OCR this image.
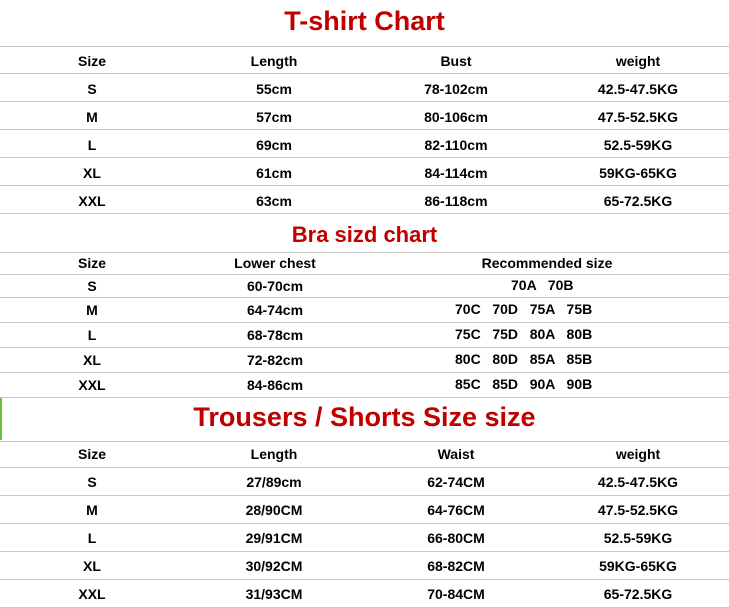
T-shirt Chart
Size	Length	Bust	weight
S	55cm	78-102cm	42.5-47.5KG
M	57cm	80-106cm	47.5-52.5KG
L	69cm	82-110cm	52.5-59KG
XL	61cm	84-114cm	59KG-65KG
XXL	63cm	86-118cm	65-72.5KG
Bra sizd chart
Size	Lower chest	Recommended size
S	60-70cm	70A   70B
M	64-74cm	70C   70D   75A   75B
L	68-78cm	75C   75D   80A   80B
XL	72-82cm	80C   80D   85A   85B
XXL	84-86cm	85C   85D   90A   90B
Trousers / Shorts Size size
Size	Length	Waist	weight
S	27/89cm	62-74CM	42.5-47.5KG
M	28/90CM	64-76CM	47.5-52.5KG
L	29/91CM	66-80CM	52.5-59KG
XL	30/92CM	68-82CM	59KG-65KG
XXL	31/93CM	70-84CM	65-72.5KG
